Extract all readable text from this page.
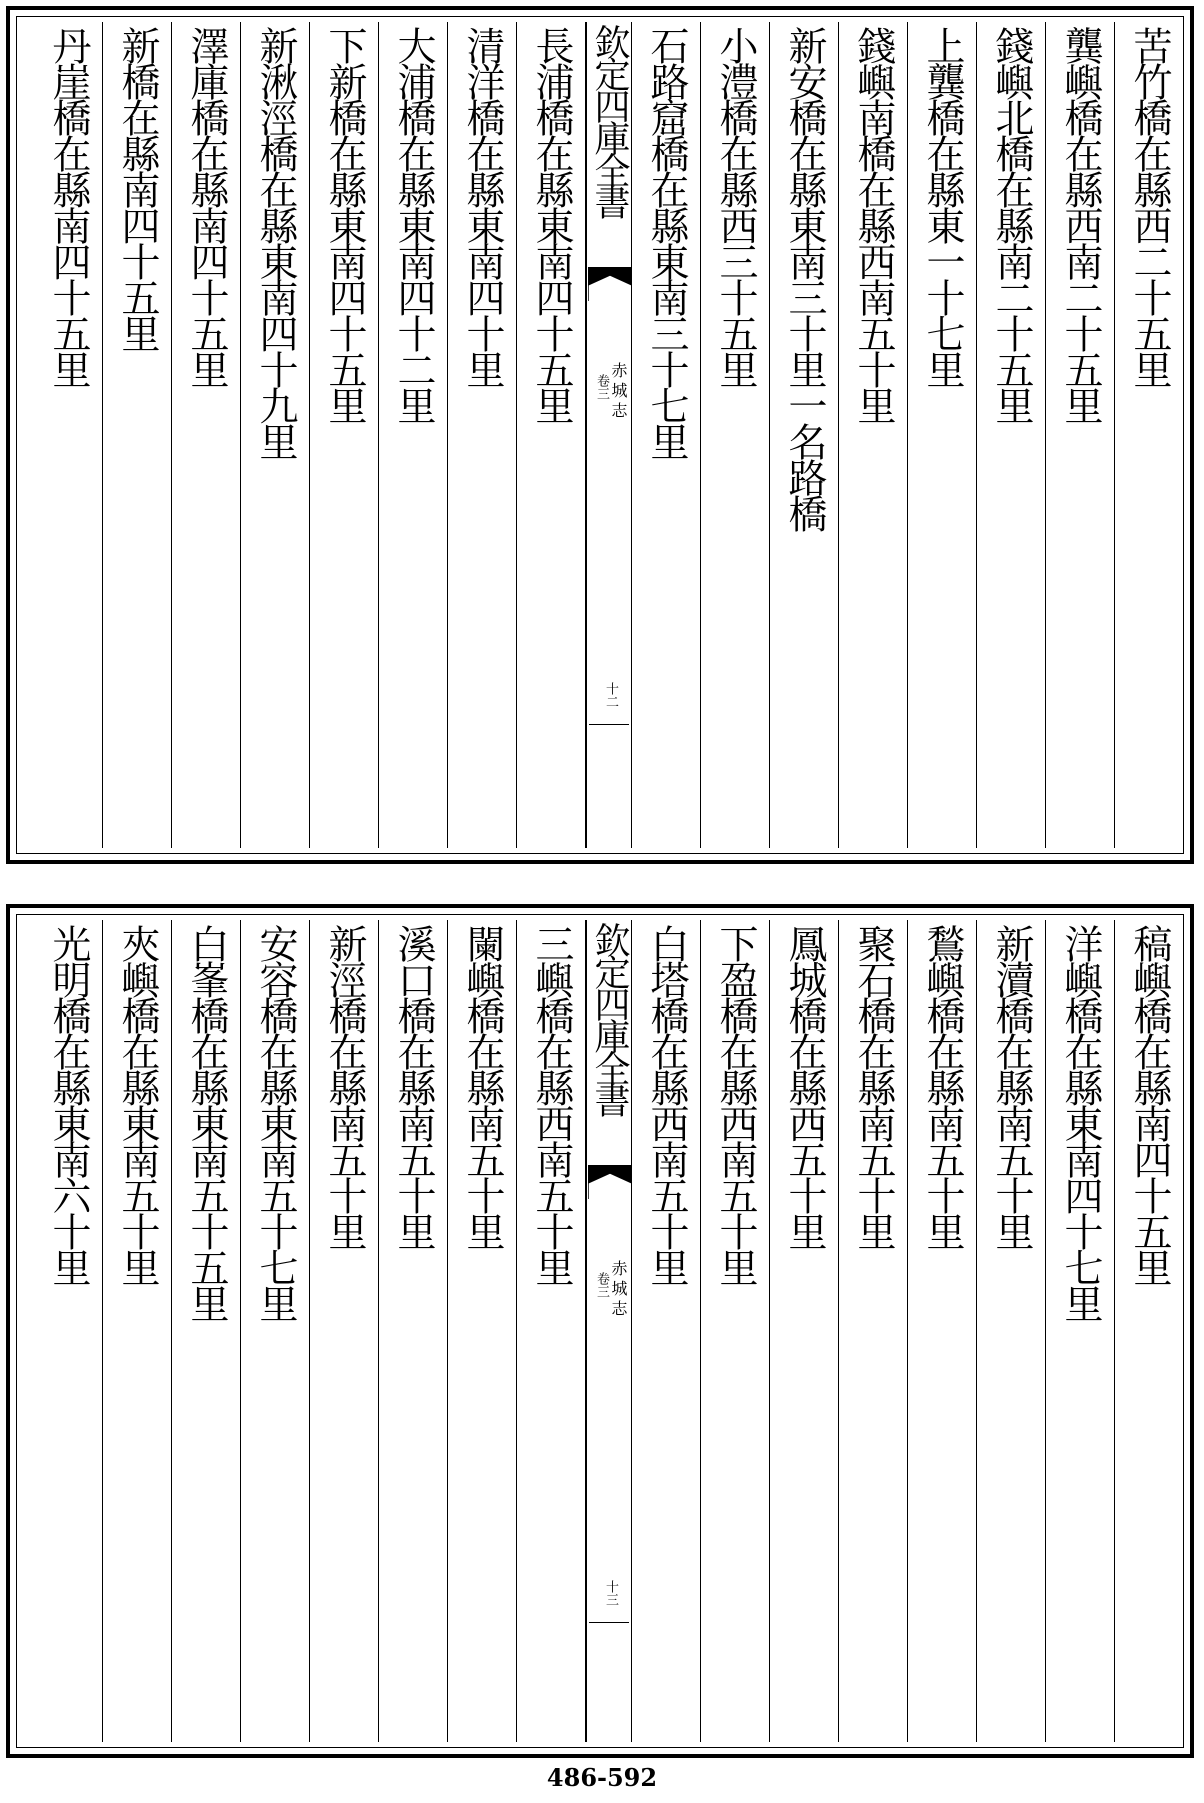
苦竹橋在縣西二十五里
龔嶼橋在縣西南二十五里
錢嶼北橋在縣南二十五里
上龔橋在縣東一十七里
錢嶼南橋在縣西南五十里
新安橋在縣東南三十里一名路橋
小澧橋在縣西三十五里
石路窟橋在縣東南三十七里
欽定四庫全書
赤城志
卷三
十二
長浦橋在縣東南四十五里
清洋橋在縣東南四十里
大浦橋在縣東南四十二里
下新橋在縣東南四十五里
新湫涇橋在縣東南四十九里
澤庫橋在縣南四十五里
新橋在縣南四十五里
丹崖橋在縣南四十五里
稿嶼橋在縣南四十五里
洋嶼橋在縣東南四十七里
新瀆橋在縣南五十里
鶖嶼橋在縣南五十里
聚石橋在縣南五十里
鳳城橋在縣西五十里
下盈橋在縣西南五十里
白塔橋在縣西南五十里
欽定四庫全書
赤城志
卷三
十三
三嶼橋在縣西南五十里
闌嶼橋在縣南五十里
溪口橋在縣南五十里
新涇橋在縣南五十里
安容橋在縣東南五十七里
白峯橋在縣東南五十五里
夾嶼橋在縣東南五十里
光明橋在縣東南六十里
486-592
